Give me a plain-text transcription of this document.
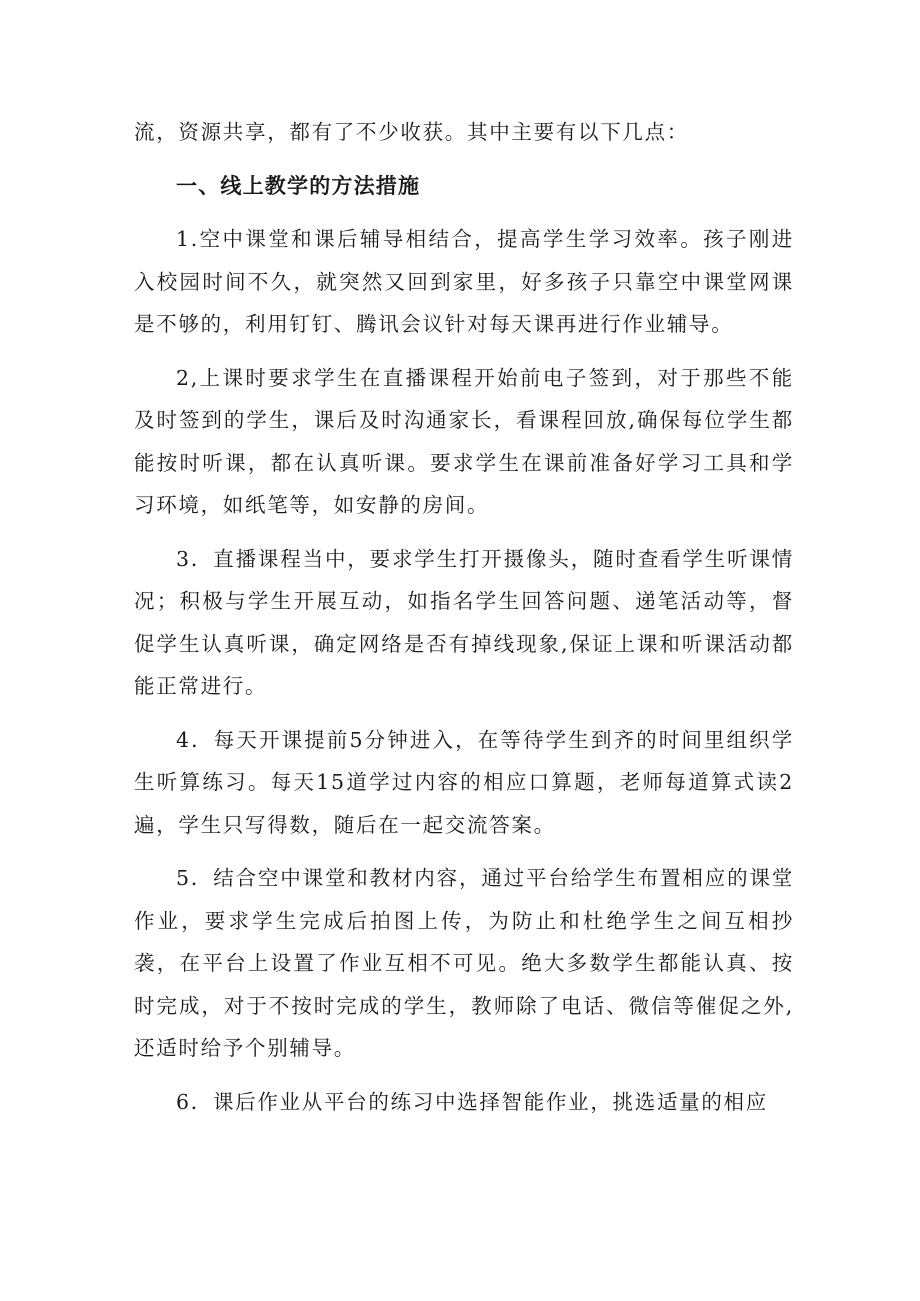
流，资源共享，都有了不少收获。其中主要有以下几点：

一、线上教学的方法措施

1.空中课堂和课后辅导相结合，提高学生学习效率。孩子刚进入校园时间不久，就突然又回到家里，好多孩子只靠空中课堂网课是不够的，利用钉钉、腾讯会议针对每天课再进行作业辅导。

2,上课时要求学生在直播课程开始前电子签到，对于那些不能及时签到的学生，课后及时沟通家长，看课程回放,确保每位学生都能按时听课，都在认真听课。要求学生在课前准备好学习工具和学习环境，如纸笔等，如安静的房间。

3．直播课程当中，要求学生打开摄像头，随时查看学生听课情况；积极与学生开展互动，如指名学生回答问题、递笔活动等，督促学生认真听课，确定网络是否有掉线现象,保证上课和听课活动都能正常进行。

4．每天开课提前5分钟进入，在等待学生到齐的时间里组织学生听算练习。每天15道学过内容的相应口算题，老师每道算式读2遍，学生只写得数，随后在一起交流答案。

5．结合空中课堂和教材内容，通过平台给学生布置相应的课堂作业，要求学生完成后拍图上传，为防止和杜绝学生之间互相抄袭，在平台上设置了作业互相不可见。绝大多数学生都能认真、按时完成，对于不按时完成的学生，教师除了电话、微信等催促之外,还适时给予个别辅导。

6．课后作业从平台的练习中选择智能作业，挑选适量的相应
